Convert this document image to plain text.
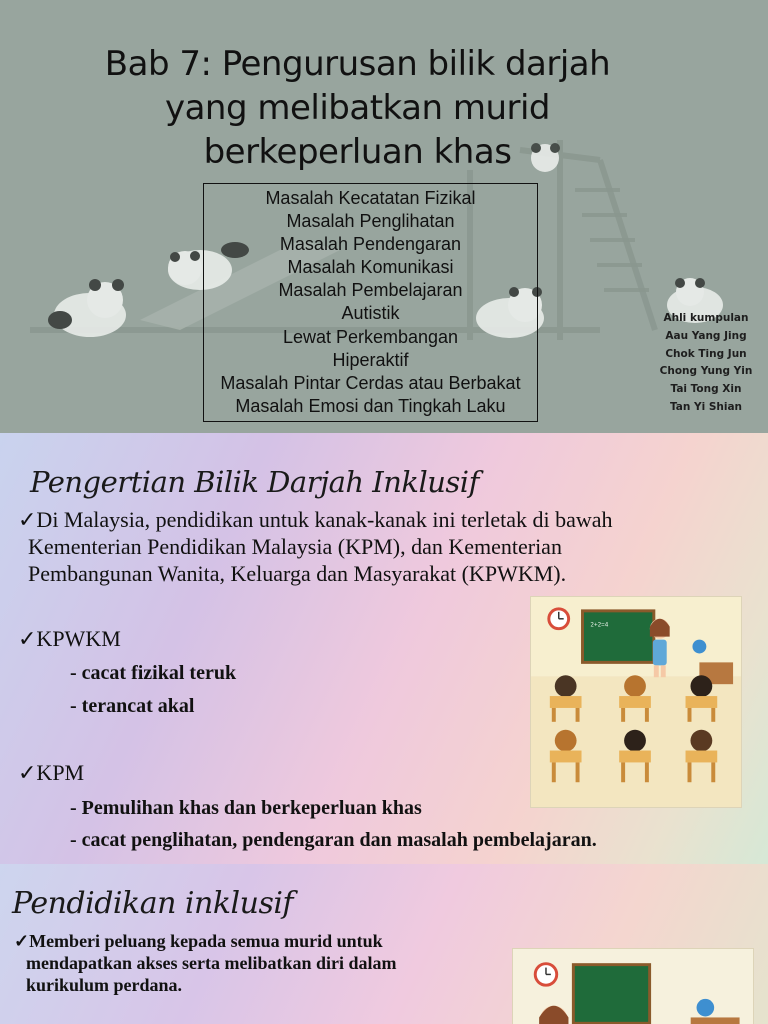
Bab 7: Pengurusan bilik darjah
yang melibatkan murid
berkeperluan khas
Masalah Kecatatan Fizikal
Masalah Penglihatan
Masalah Pendengaran
Masalah Komunikasi
Masalah Pembelajaran
Autistik
Lewat Perkembangan
Hiperaktif
Masalah Pintar Cerdas atau Berbakat
Masalah Emosi dan Tingkah Laku
Ahli kumpulan
Aau Yang Jing
Chok Ting Jun
Chong Yung Yin
Tai Tong Xin
Tan Yi Shian
Pengertian Bilik Darjah Inklusif
✓Di Malaysia, pendidikan untuk kanak-kanak ini terletak di bawah
Kementerian Pendidikan Malaysia (KPM), dan Kementerian
Pembangunan Wanita, Keluarga dan Masyarakat (KPWKM).
✓KPWKM
- cacat fizikal teruk
- terancat akal
✓KPM
- Pemulihan khas dan berkeperluan khas
- cacat penglihatan, pendengaran dan masalah pembelajaran.
2+2=4
Pendidikan inklusif
✓Memberi peluang kepada semua murid untuk
mendapatkan akses serta melibatkan diri dalam
kurikulum perdana.
